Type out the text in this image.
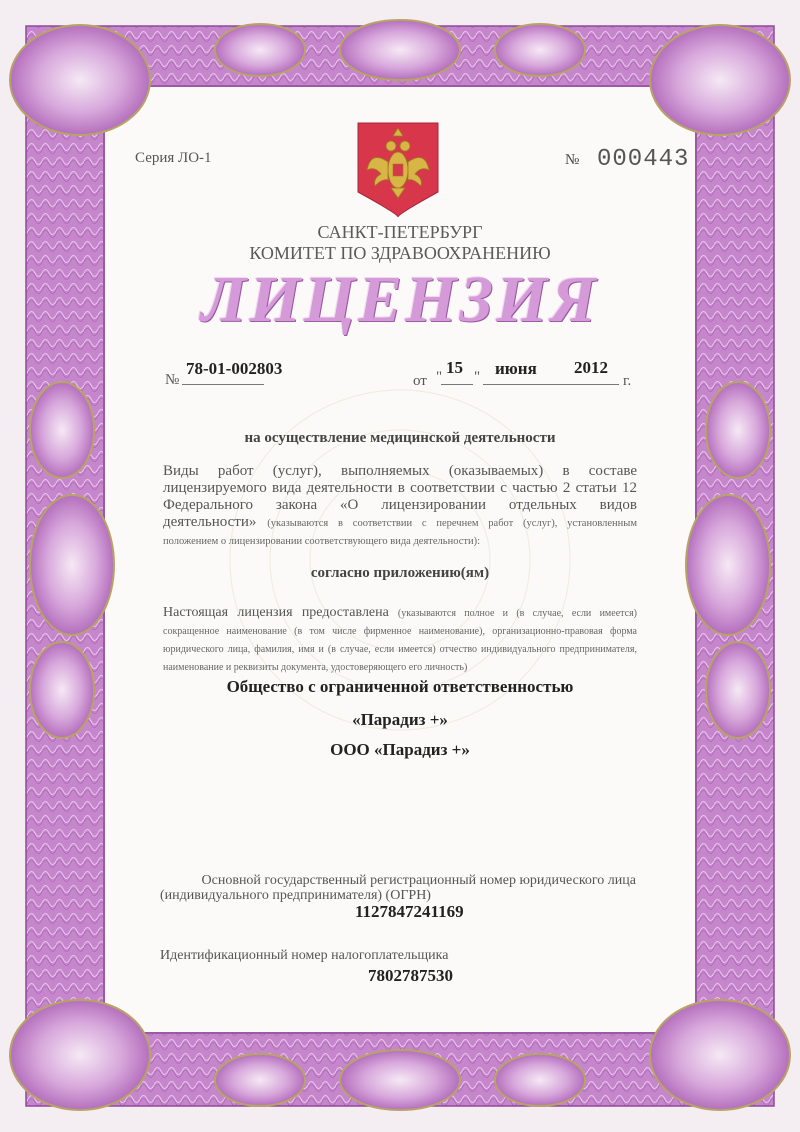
Серия ЛО-1	№ 000443
САНКТ-ПЕТЕРБУРГ
КОМИТЕТ ПО ЗДРАВООХРАНЕНИЮ
ЛИЦЕНЗИЯ
№
78-01-002803
от " 15 " июня 2012
г.
на осуществление медицинской деятельности
Виды работ (услуг), выполняемых (оказываемых) в составе лицензируемого вида деятельности в соответствии с частью 2 статьи 12 Федерального закона «О лицензировании отдельных видов деятельности» (указываются в соответствии с перечнем работ (услуг), установленным положением о лицензировании соответствующего вида деятельности):
согласно приложению(ям)
Настоящая лицензия предоставлена (указываются полное и (в случае, если имеется) сокращенное наименование (в том числе фирменное наименование), организационно-правовая форма юридического лица, фамилия, имя и (в случае, если имеется) отчество индивидуального предпринимателя, наименование и реквизиты документа, удостоверяющего его личность)
Общество с ограниченной ответственностью
«Парадиз +»
ООО «Парадиз +»
Основной государственный регистрационный номер юридического лица
(индивидуального предпринимателя) (ОГРН)
1127847241169
Идентификационный номер налогоплательщика
7802787530
